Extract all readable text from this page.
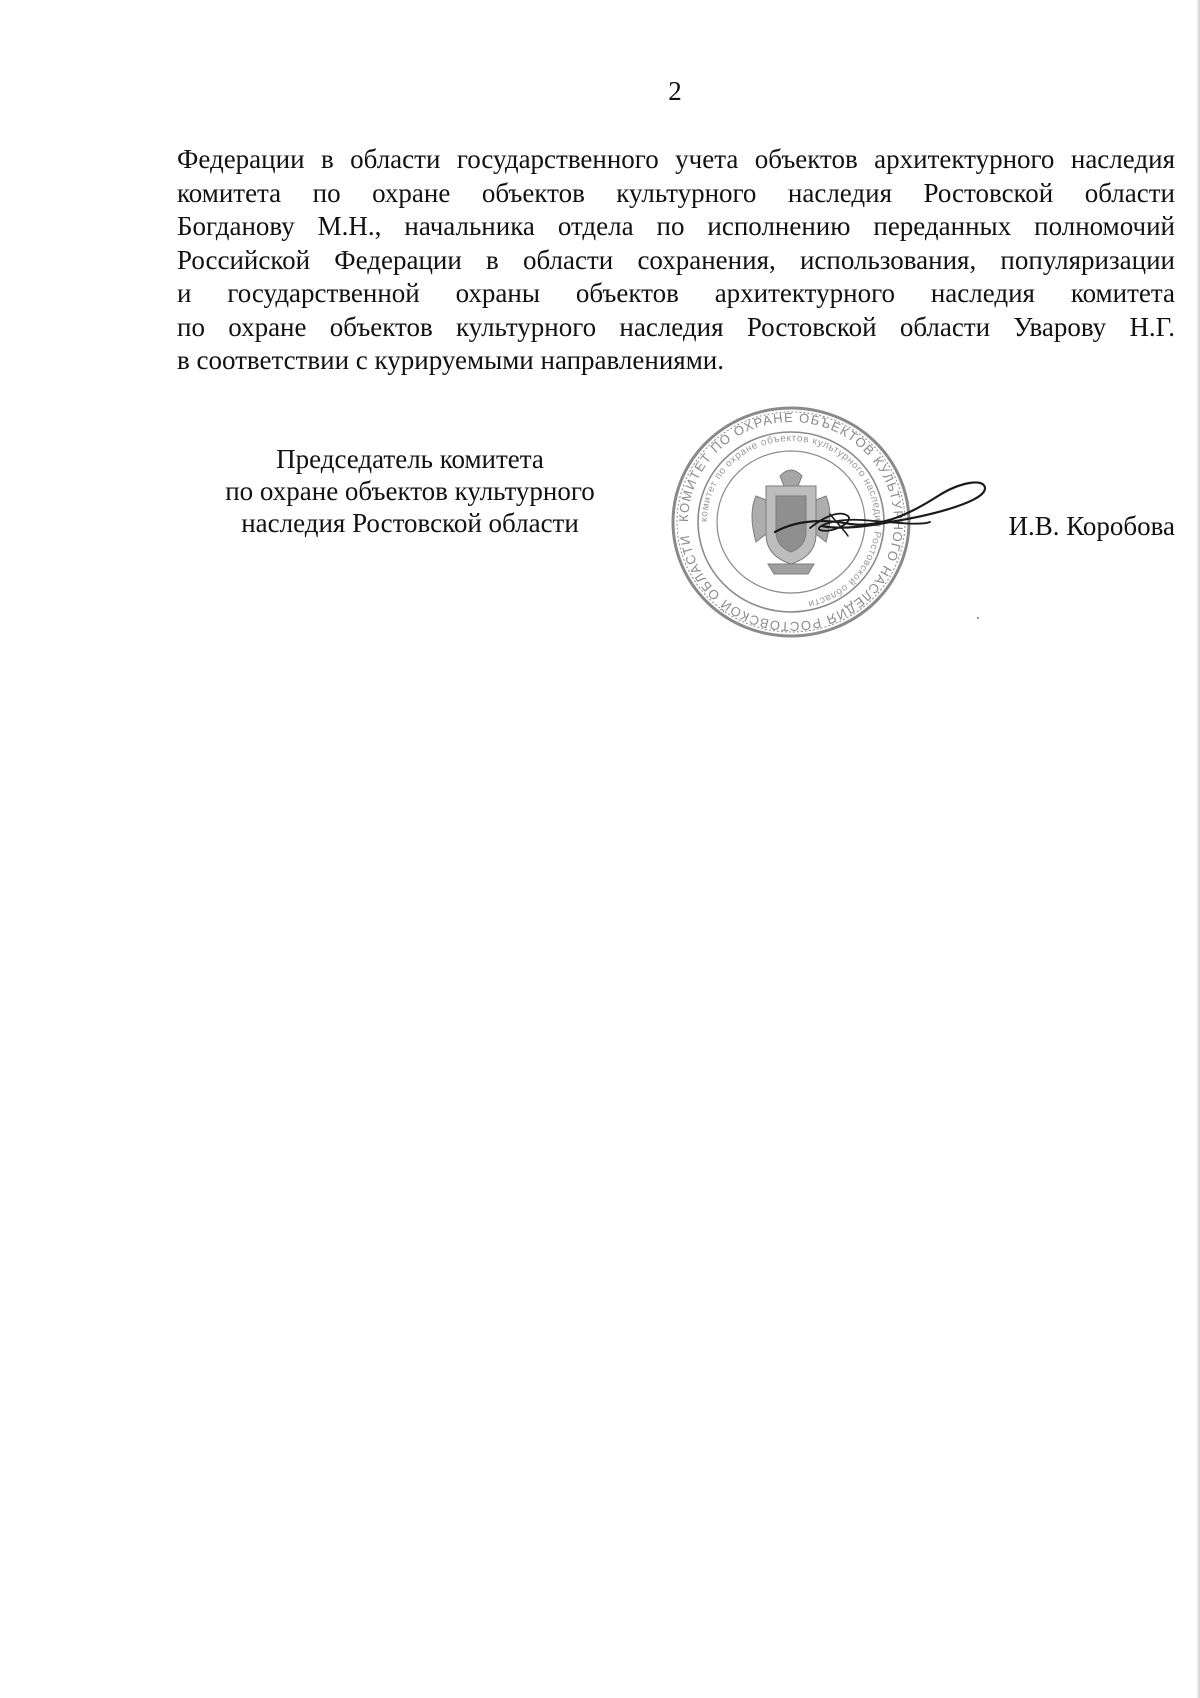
2
Федерации в области государственного учета объектов архитектурного наследия
комитета по охране объектов культурного наследия Ростовской области
Богданову М.Н., начальника отдела по исполнению переданных полномочий
Российской Федерации в области сохранения, использования, популяризации
и государственной охраны объектов архитектурного наследия комитета
по охране объектов культурного наследия Ростовской области Уварову Н.Г.
в соответствии с курируемыми направлениями.
Председатель комитета
по охране объектов культурного
наследия Ростовской области	КОМИТЕТ ПО ОХРАНЕ ОБЪЕКТОВ КУЛЬТУРНОГО НАСЛЕДИЯ РОСТОВСКОЙ ОБЛАСТИ
комитет по охране объектов культурного наследия Ростовской области
И.В. Коробова
